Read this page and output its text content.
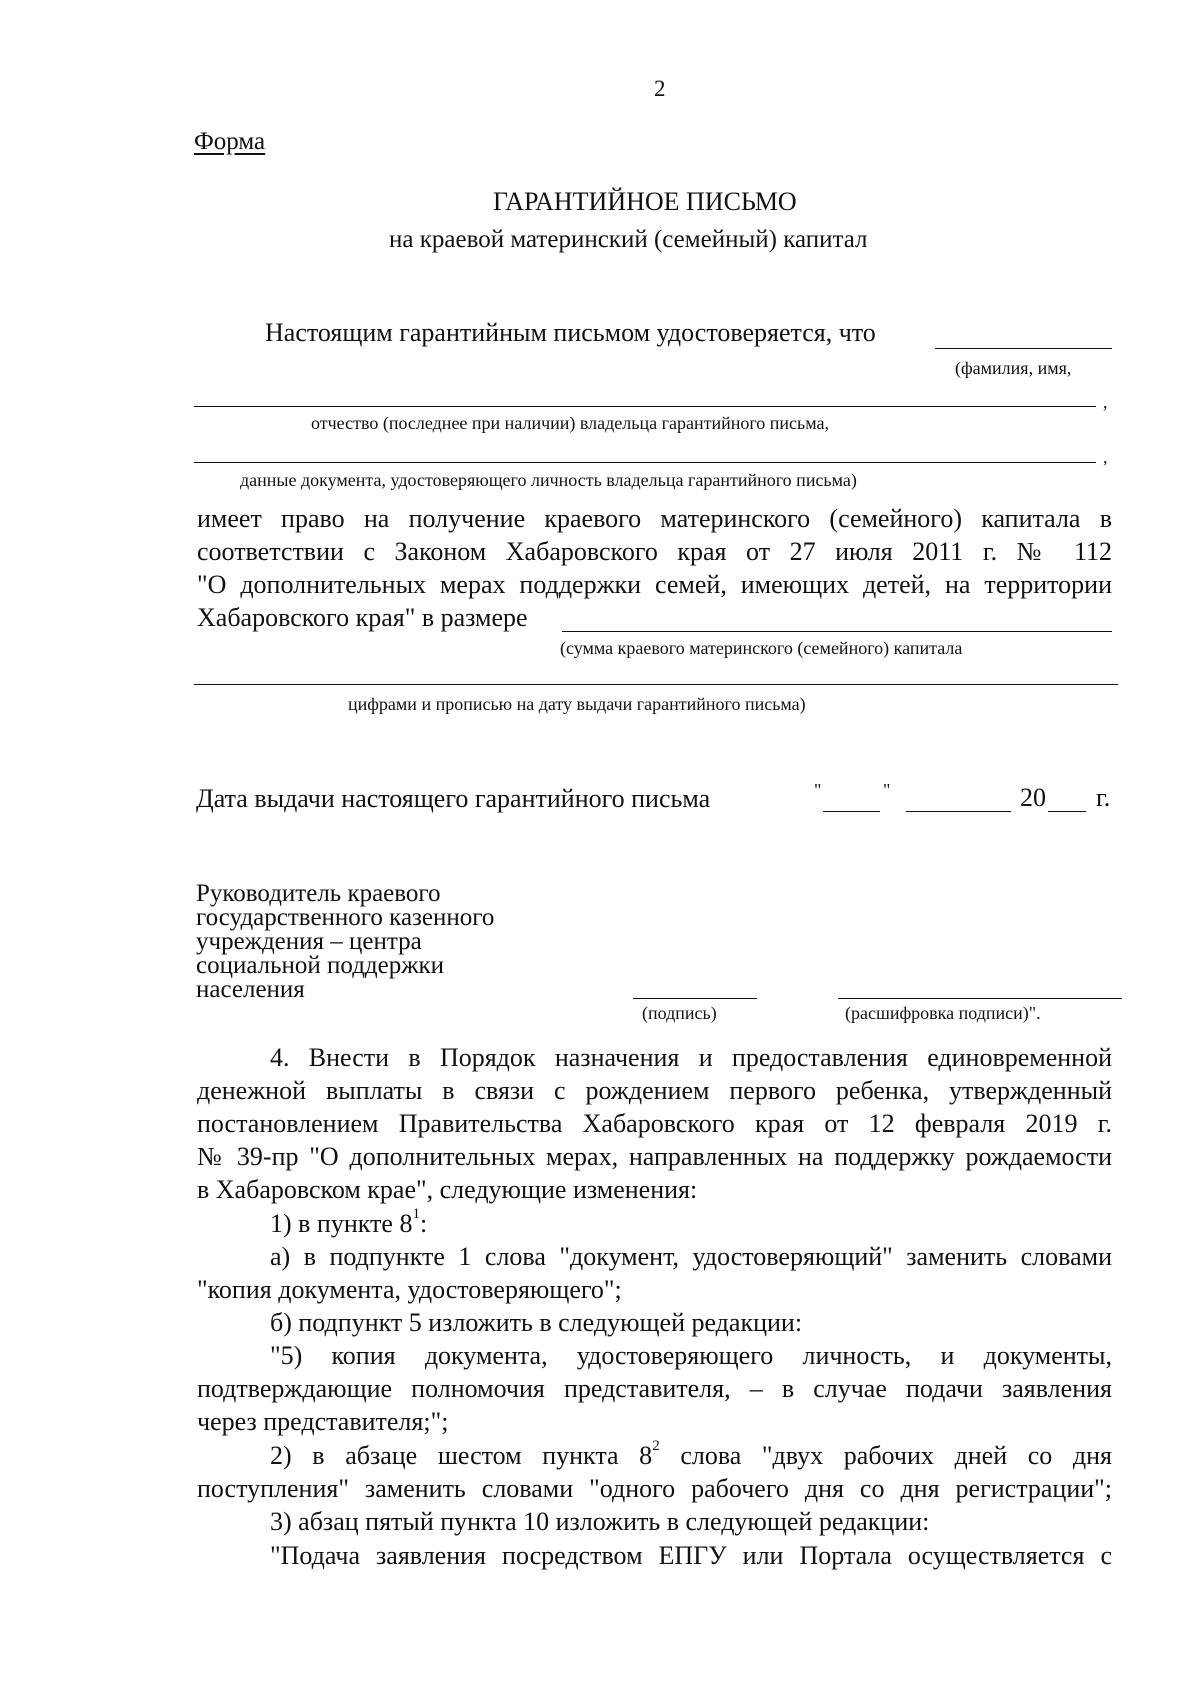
2
Форма
ГАРАНТИЙНОЕ ПИСЬМО
на краевой материнский (семейный) капитал
Настоящим гарантийным письмом удостоверяется, что
(фамилия, имя,
,
отчество (последнее при наличии) владельца гарантийного письма,
,
данные документа, удостоверяющего личность владельца гарантийного письма)
имеет право на получение краевого материнского (семейного) капитала в
соответствии с Законом Хабаровского края от 27 июля 2011 г. № 112
"О дополнительных мерах поддержки семей, имеющих детей, на территории
Хабаровского края" в размере
(сумма краевого материнского (семейного) капитала
цифрами и прописью на дату выдачи гарантийного письма)
Дата выдачи настоящего гарантийного письма	"	"	20 г.
Руководитель краевого
государственного казенного
учреждения – центра
социальной поддержки
населения
(подпись)	(расшифровка подписи)".
4. Внести в Порядок назначения и предоставления единовременной
денежной выплаты в связи с рождением первого ребенка, утвержденный
постановлением Правительства Хабаровского края от 12 февраля 2019 г.
№ 39-пр "О дополнительных мерах, направленных на поддержку рождаемости
в Хабаровском крае", следующие изменения:
1) в пункте $8^1$:
а) в подпункте 1 слова "документ, удостоверяющий" заменить словами
"копия документа, удостоверяющего";
б) подпункт 5 изложить в следующей редакции:
"5) копия документа, удостоверяющего личность, и документы,
подтверждающие полномочия представителя, – в случае подачи заявления
через представителя;";
2) в абзаце шестом пункта $8^2$ слова "двух рабочих дней со дня
поступления" заменить словами "одного рабочего дня со дня регистрации";
3) абзац пятый пункта 10 изложить в следующей редакции:
"Подача заявления посредством ЕПГУ или Портала осуществляется с
